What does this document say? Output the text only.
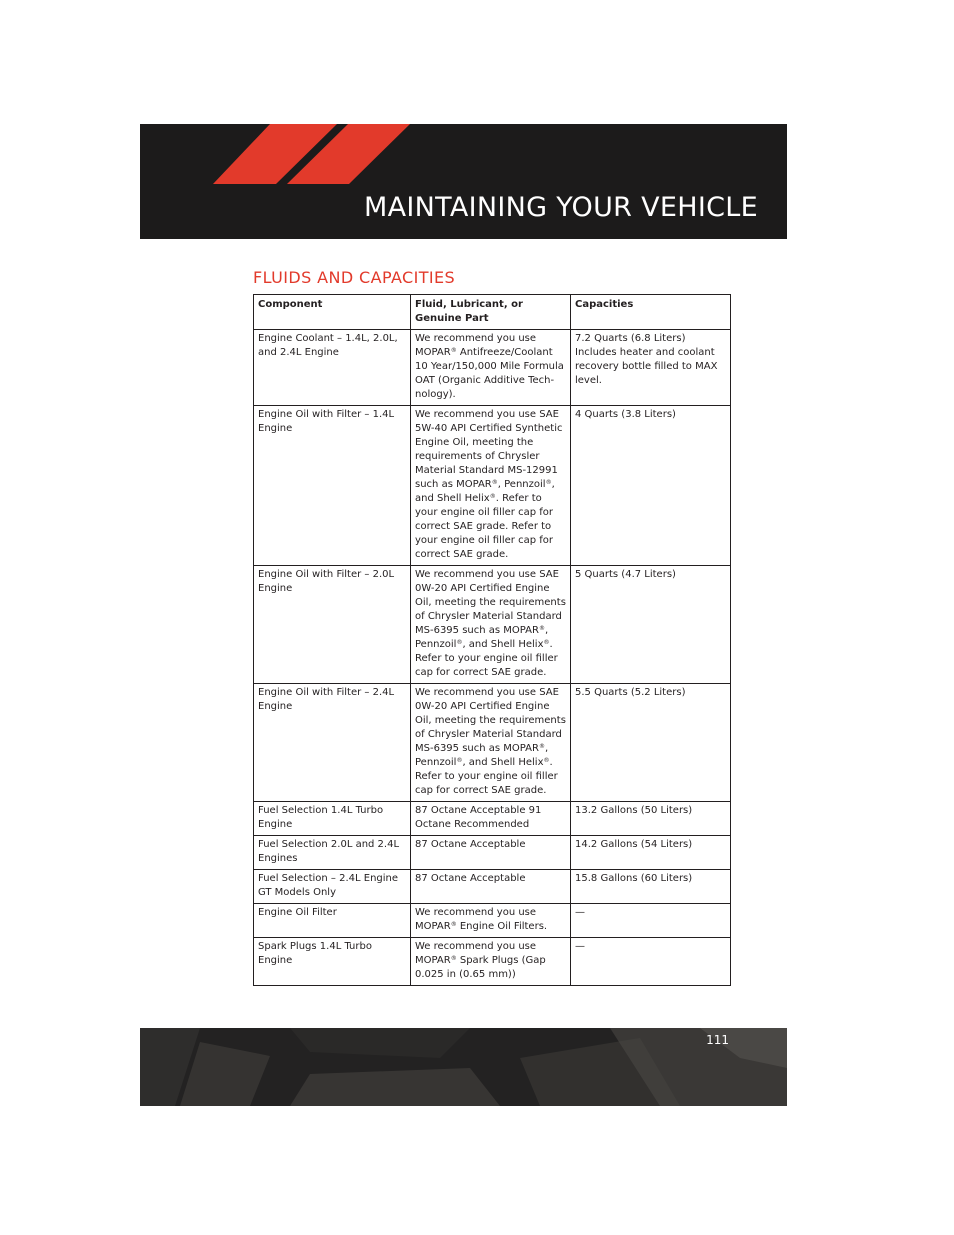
MAINTAINING YOUR VEHICLE
FLUIDS AND CAPACITIES
Component	Fluid, Lubricant, or Genuine Part	Capacities
Engine Coolant – 1.4L, 2.0L, and 2.4L Engine	We recommend you use MOPAR® Antifreeze/Coolant 10 Year/150,000 Mile Formula OAT (Organic Additive Tech-nology).	7.2 Quarts (6.8 Liters) Includes heater and coolant recovery bottle filled to MAX level.
Engine Oil with Filter – 1.4L Engine	We recommend you use SAE 5W-40 API Certified Synthetic Engine Oil, meeting the requirements of Chrysler Material Standard MS-12991 such as MOPAR®, Pennzoil®, and Shell Helix®. Refer to your engine oil filler cap for correct SAE grade. Refer to your engine oil filler cap for correct SAE grade.	4 Quarts (3.8 Liters)
Engine Oil with Filter – 2.0L Engine	We recommend you use SAE 0W-20 API Certified Engine Oil, meeting the requirements of Chrysler Material Standard MS-6395 such as MOPAR®, Pennzoil®, and Shell Helix®. Refer to your engine oil filler cap for correct SAE grade.	5 Quarts (4.7 Liters)
Engine Oil with Filter – 2.4L Engine	We recommend you use SAE 0W-20 API Certified Engine Oil, meeting the requirements of Chrysler Material Standard MS-6395 such as MOPAR®, Pennzoil®, and Shell Helix®. Refer to your engine oil filler cap for correct SAE grade.	5.5 Quarts (5.2 Liters)
Fuel Selection 1.4L Turbo Engine	87 Octane Acceptable 91 Octane Recommended	13.2 Gallons (50 Liters)
Fuel Selection 2.0L and 2.4L Engines	87 Octane Acceptable	14.2 Gallons (54 Liters)
Fuel Selection – 2.4L Engine GT Models Only	87 Octane Acceptable	15.8 Gallons (60 Liters)
Engine Oil Filter	We recommend you use MOPAR® Engine Oil Filters.	—
Spark Plugs 1.4L Turbo Engine	We recommend you use MOPAR® Spark Plugs (Gap 0.025 in (0.65 mm))	—

111
